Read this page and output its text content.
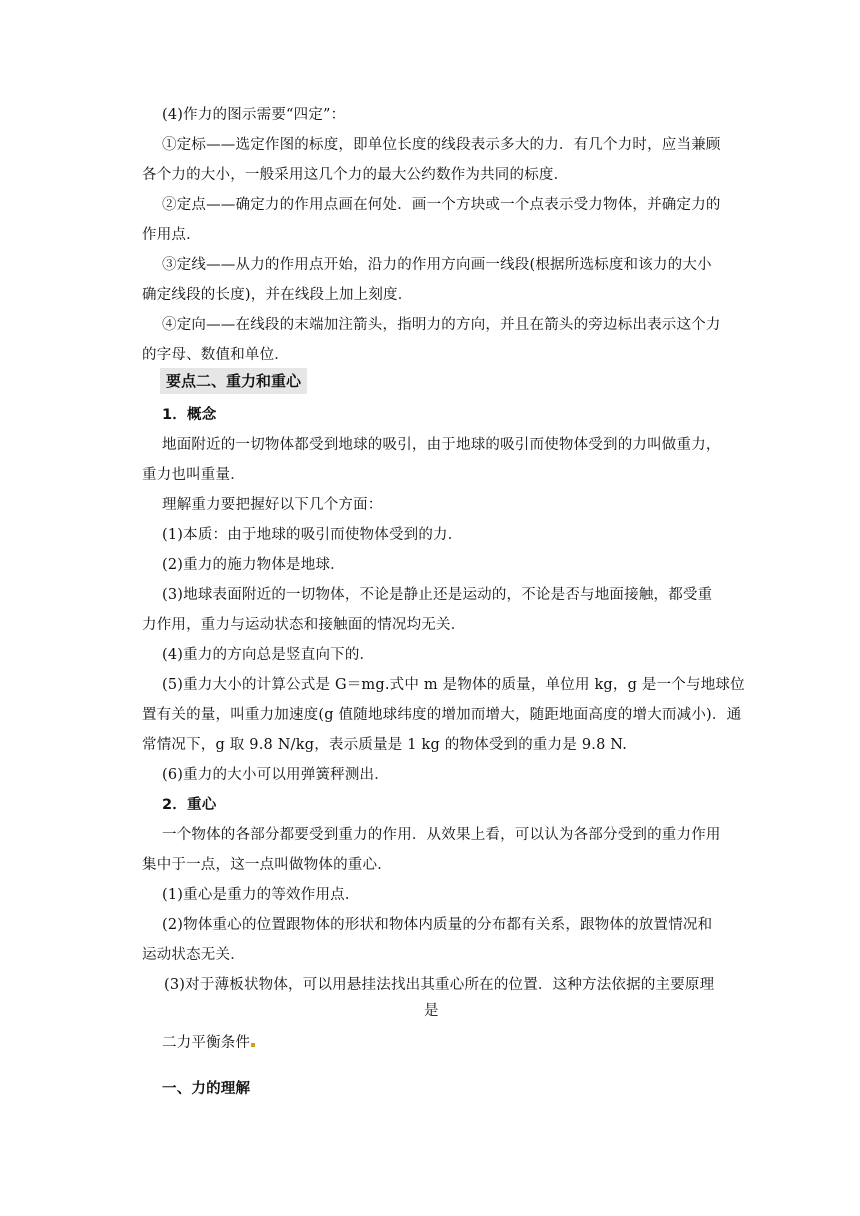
(4)作力的图示需要“四定”：
①定标——选定作图的标度，即单位长度的线段表示多大的力．有几个力时，应当兼顾
各个力的大小，一般采用这几个力的最大公约数作为共同的标度．
②定点——确定力的作用点画在何处．画一个方块或一个点表示受力物体，并确定力的
作用点．
③定线——从力的作用点开始，沿力的作用方向画一线段(根据所选标度和该力的大小
确定线段的长度)，并在线段上加上刻度．
④定向——在线段的末端加注箭头，指明力的方向，并且在箭头的旁边标出表示这个力
的字母、数值和单位．
要点二、重力和重心
1．概念
地面附近的一切物体都受到地球的吸引，由于地球的吸引而使物体受到的力叫做重力，
重力也叫重量．
理解重力要把握好以下几个方面：
(1)本质：由于地球的吸引而使物体受到的力．
(2)重力的施力物体是地球．
(3)地球表面附近的一切物体，不论是静止还是运动的，不论是否与地面接触，都受重
力作用，重力与运动状态和接触面的情况均无关．
(4)重力的方向总是竖直向下的．
(5)重力大小的计算公式是 G＝mg.式中 m 是物体的质量，单位用 kg，g 是一个与地球位
置有关的量，叫重力加速度(g 值随地球纬度的增加而增大，随距地面高度的增大而减小)．通
常情况下，g 取 9.8 N/kg，表示质量是 1 kg 的物体受到的重力是 9.8 N.
(6)重力的大小可以用弹簧秤测出．
2．重心
一个物体的各部分都要受到重力的作用．从效果上看，可以认为各部分受到的重力作用
集中于一点，这一点叫做物体的重心．
(1)重心是重力的等效作用点．
(2)物体重心的位置跟物体的形状和物体内质量的分布都有关系，跟物体的放置情况和
运动状态无关．
(3)对于薄板状物体，可以用悬挂法找出其重心所在的位置．这种方法依据的主要原理
是
二力平衡条件
一、力的理解
